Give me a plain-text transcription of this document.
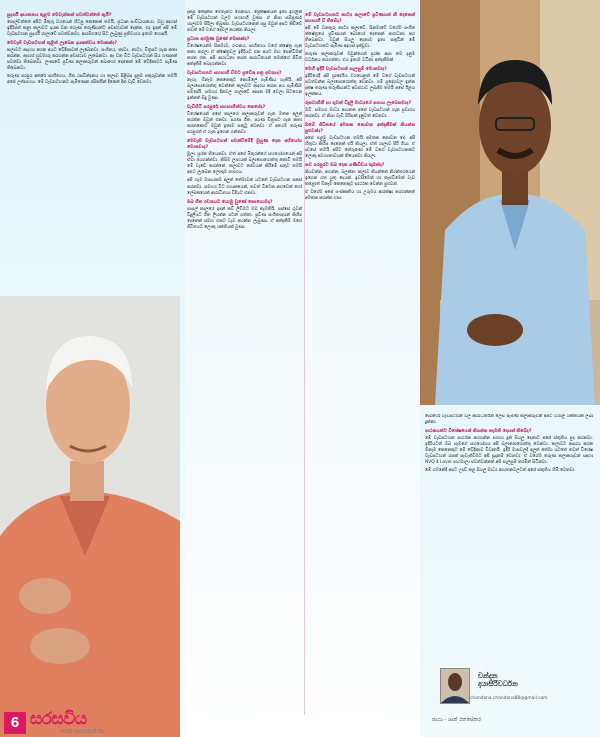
සුදර්ශී ආයතනය තුළම මෙවැන්නක් පවත්වන්නේ ඇයි?

පොල්වත්තේ අපිට මිතුරු වශයෙන් හිටපු කෙනෙක් තමයි, ප්‍රධාන සංවිධායකයා. ඔහු අදහස් ඉදිරිපත් කළා කලාවට දායක වන තරුණ තරුණියන්ට අවස්ථාවක් දෙන්න. එදා ඉඳන් අපි මේ වැඩසටහන සුදර්ශී ශාලාවේ පවත්වනවා. ආරම්භයේ සිට ලැබුණු ප්‍රතිචාරය ඉතාම හොඳයි.

මෙවැනි වැඩසටහන් තුළින් ලැබෙන දායකත්වය මොකක්ද?

කලාවට ආදරය කරන අයට වේදිකාවක් ලැබෙනවා. සංගීතය, කාව්‍ය, නාට්‍ය, චිත්‍රපට ගැන කතා කරන්න, අදහස් හුවමාරු කරගන්න අවස්ථාව ලැබෙනවා. අද වන විට වැඩසටහන් සිය ගණනක් පවත්වා තිබෙනවා. ලංකාවේ ප්‍රවීණ කලාකරුවන් බොහෝ දෙනෙක් මේ වේදිකාවට පැමිණ තිබෙනවා.

තරුණ පරපුර අතරේ සාහිත්‍යය, ගීත රසවින්දනය හා කලාව පිළිබඳ දැනුම පතුරුවන්න තමයි අපේ උත්සාහය. මේ වැඩසටහනට පැමිණෙන රසිකයින් දිනෙන් දින වැඩි වෙනවා.

දැකපු අත්දැකීම් මෙතැනට ගෙනාවා. ප්‍රේක්ෂකයන් ඉතා ඉහළින් මේ වැඩසටහන් වලට සහභාගි වුණා. ඒ නිසා සම්පූර්ණ ශාලාවම පිරිලා තිබුණා. වැඩසටහනෙන් පසු ඔවුන් අපට කිව්වේ තවත් මේ වගේ දේවල් කරන්න කියලා.

ප්‍රධාන අරමුණ වුණේ මොකක්ද?

විශේෂයෙන්ම සිනමාව, රංගනය, සාහිත්‍යය වගේ ක්ෂේත්‍ර ගැන කතා කරලා ඒ ක්ෂේත්‍රවල ඉදිරියට එන අයට මඟ පෙන්වීමක් කරන එක. අපි ආරාධනා කරන ආරාධිතයන් තමන්ගේ ජීවිත අත්දැකීම් බෙදාගන්නවා.

වැඩසටහනට සහභාගී වීමට ප්‍රවේශ පත්‍ර අවශ්‍යද?

නැහැ. ඕනෑම කෙනෙකුට නොමිලේ පැමිණිය හැකියි. අපි බලාපොරොත්තු වෙන්නේ කලාවට ආදරය කරන අය පැමිණීම පමණයි. සමහර දිනවල ශාලාවේ ආසන මදි වෙලා සිටගෙන ඉන්නත් සිදු වුණා.

වැඩිහිටි පරපුරේ සහභාගීත්වය කෙසේද?

විශේෂයෙන් අපේ කාලයේ කලාකරුවන් ගැන මතක අලුත් කරන්න ඔවුන් එනවා. පරණ ගීත, පරණ චිත්‍රපට ගැන කතා කරනකොට ඔවුන් ඉතාම සතුටු වෙනවා. ඒ අතරම තරුණ පරපුරත් ඒ ගැන ඉගෙන ගන්නවා.

මෙවැනි වැඩසටහන් පවත්වීමේදී මුහුණ දෙන අභියෝග මොනවාද?

මූල්‍ය ප්‍රශ්න තියෙනවා. ඒත් අපේ මිතුරන්ගේ සහයෝගයෙන් අපි ඒවා ජයගන්නවා. කිසිම ලාභයක් බලාපොරොත්තු නොවී තමයි මේ වැඩේ කරන්නේ. කලාවට සේවයක් කිරීමේ සතුට තමයි අපට ලැබෙන ලොකුම ත්‍යාගය.

අපි හැම මාසයකම අලුත් තේමාවක් යටතේ වැඩසටහන සකස් කරනවා. සමහර විට ගායකයෙක්, තවත් විටෙක නළුවෙක් හෝ ලේඛකයෙක් ආරාධිතයා විදියට එනවා.

ඔබ ගීත රචනයට යොමු වුණේ කොහොමද?

පාසල් කාලයේ ඉඳන් කවි ලිවීමට මම කැමතියි. පස්සේ ගුවන් විදුලියට ගීත ලියන්න පටන් ගත්තා. ප්‍රවීණ සංගීතඥයන් කිහිප දෙනෙක් සමඟ එකට වැඩ කරන්න ලැබුණා. ඒ අත්දැකීම් මගේ ජීවිතයට ලොකු ශක්තියක් වුණා.

මේ වැඩසටහනට නාට්‍ය කලාවේ ප්‍රවීණයන් කී දෙනෙක් සහභාගී වී තිබේද?

අපි මේ වනතුරු නාට්‍ය කලාවේ, සිනමාවේ වගේම සංගීත ක්ෂේත්‍රයේ ප්‍රවීණයන් බොහෝ දෙනෙක් ආරාධනා කර තිබෙනවා. ඔවුන් සියලු දෙනාම ඉතා සතුටින් මේ වැඩසටහනට පැමිණ අදහස් දැක්වූවා.

තරුණ කලාකරුවන් ඔවුන්ගෙන් ප්‍රශ්න අසා තම දැනුම වර්ධනය කරගත්තා. එය ඉතාම වටිනා අත්දැකීමක්.

මෙහි ඉදිරි වැඩසටහන් සැලසුම් මොනවාද?

ඉදිරියේදී අපි ප්‍රාදේශීය වශයෙනුත් මේ වගේ වැඩසටහන් පවත්වන්න බලාපොරොත්තු වෙනවා. ගම් ප්‍රදේශවල ඉන්න දක්ෂ තරුණ තරුණියන්ට අවස්ථාව ලබාදීම තමයි අපේ ඊළඟ ඉලක්කය.

රූපවාහිනී හා ගුවන් විදුලි මාධ්‍යයේ සහාය ලැබෙනවාද?

ඔව්. සමහර මාධ්‍ය ආයතන අපේ වැඩසටහන් ගැන ප්‍රචාරය කරනවා. ඒ නිසා වැඩි පිරිසක් දැනුවත් වෙනවා.

ඔබේ ජීවිතයේ අමතක නොවන අත්දැකීමක් කියන්න පුළුවන්ද?

අපේ පළමු වැඩසටහන තමයි අමතක නොවන දේ. අපි හිතුවා කිහිප දෙනෙක් එයි කියලා. ඒත් ශාලාව පිරී ගියා. ඒ දවසේ තමයි අපිට තේරුණේ මේ වගේ වැඩසටහනකට ලොකු අවශ්‍යතාවයක් තියෙනවා කියලා.

නව පරපුරට ඔබ දෙන පණිවිඩය කුමක්ද?

කියවන්න, අහන්න, බලන්න. කලාව කියන්නේ නිරන්තරයෙන් ඉගෙන ගත යුතු දෙයක්. ඉවසීමෙන් හා කැපවීමෙන් වැඩ කළොත් ඕනෑම කෙනෙකුට සාර්ථක වෙන්න පුළුවන්.

ඒ වගේම අපේ සංස්කෘතිය හා උරුමය ආරක්ෂා කරගන්නත් අමතක කරන්න එපා.

බොහෝ වැඩසටහන් වල ආරාධිතයින් ලෙස පැමිණි කලාකරුවන් අපට විශාල ශක්තියක් ලබා දුන්නා.

පාඨකයන්ට විශේෂයෙන් කියන්න කැමති දෙයක් තිබේද?

මේ වැඩසටහන සාර්ථක කරගන්න සහාය දුන් සියලු දෙනාට අපේ ස්තුතිය පුද කරනවා. ඉදිරියටත් ඔබ සැමගේ සහයෝගය අපි බලාපොරොත්තු වෙනවා. කලාවට ආදරය කරන ඕනෑම කෙනෙකුට මේ වේදිකාව විවෘතයි. ඉදිරි මාසවලදී අලුත් තේමා යටතේ තවත් විශේෂ වැඩසටහන් රැසක් පැවැත්වීමට අපි සූදානම් වෙනවා. ඒ වගේම තරුණ කලාකරුවන් සඳහා NVQ 4 Level පාඨමාලා පවත්වන්නත් අපි සැලසුම් කරමින් සිටිනවා.

මේ ගමනේදී අපට උදව් කළ සියලු මාධ්‍ය ආයතනවලටත් අපේ ස්තුතිය හිමි වෙනවා.

චන්දන
දයාසිරිවර්ධන
chandana.chandana88@gmail.com
ඡායා - ශාන් රතසේකර
6 සරසවිය
2026 පෙබරවාරි 05
